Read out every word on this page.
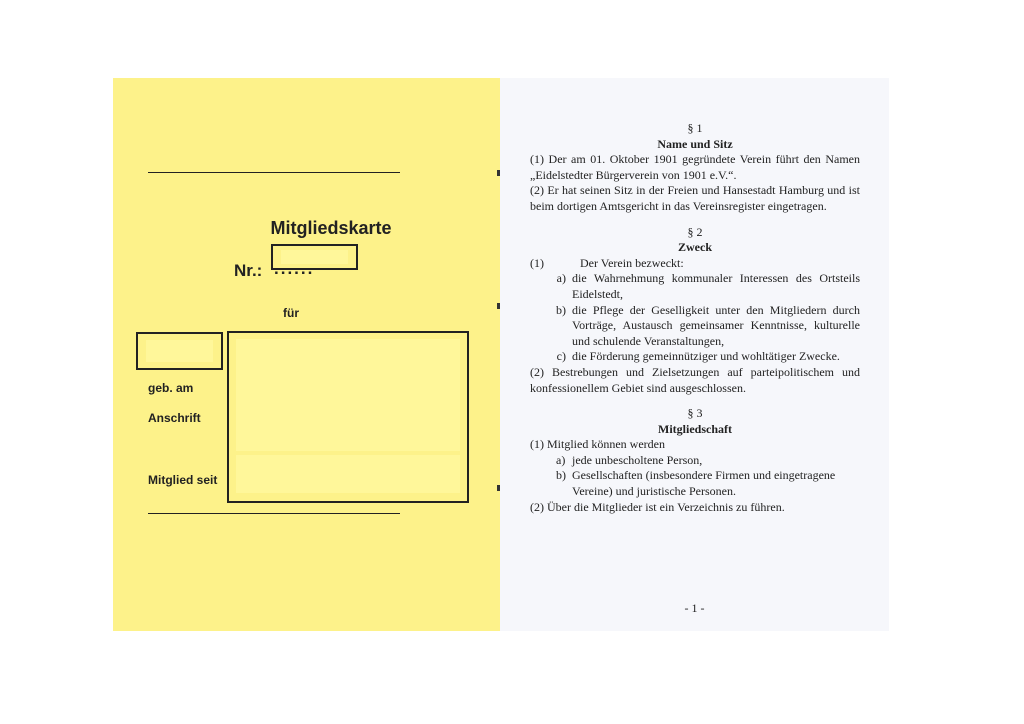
Mitgliedskarte
Nr.:
für
geb. am
Anschrift
Mitglied seit

§ 1

Name und Sitz

(1) Der am 01. Oktober 1901 gegründete Verein führt den Namen „Eidelstedter Bürgerverein von 1901 e.V.“.

(2) Er hat seinen Sitz in der Freien und Hansestadt Hamburg und ist beim dortigen Amtsgericht in das Vereinsregister eingetragen.

§ 2

Zweck

(1)	Der Verein bezweckt:
a) die Wahrnehmung kommunaler Interessen des Ortsteils Eidelstedt,
b) die Pflege der Geselligkeit unter den Mitgliedern durch Vorträge, Austausch gemeinsamer Kenntnisse, kulturelle und schulende Veranstaltungen,
c) die Förderung gemeinnütziger und wohltätiger Zwecke.

(2) Bestrebungen und Zielsetzungen auf parteipolitischem und konfessionellem Gebiet sind ausgeschlossen.

§ 3

Mitgliedschaft

(1) Mitglied können werden

a) jede unbescholtene Person,
b) Gesellschaften (insbesondere Firmen und eingetragene Vereine) und juristische Personen.

(2) Über die Mitglieder ist ein Verzeichnis zu führen.

- 1 -
